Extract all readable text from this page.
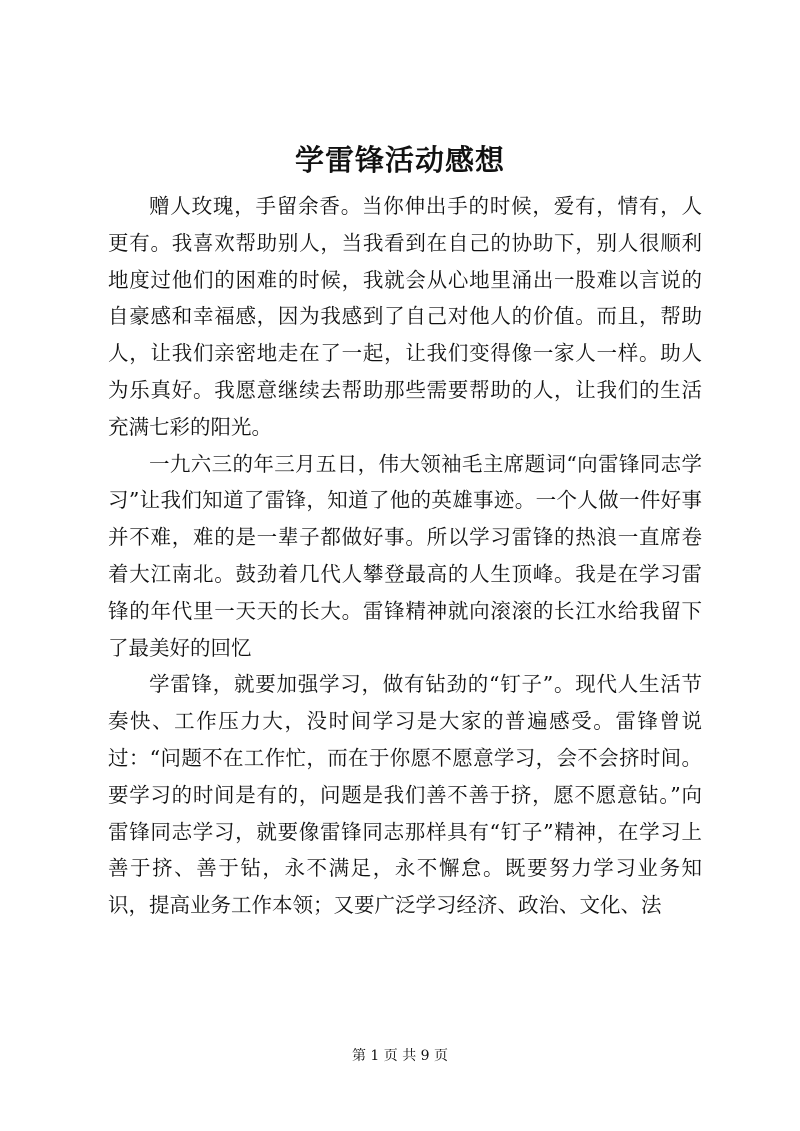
学雷锋活动感想

赠人玫瑰，手留余香。当你伸出手的时候，爱有，情有，人更有。我喜欢帮助别人，当我看到在自己的协助下，别人很顺利地度过他们的困难的时候，我就会从心地里涌出一股难以言说的自豪感和幸福感，因为我感到了自己对他人的价值。而且，帮助人，让我们亲密地走在了一起，让我们变得像一家人一样。助人为乐真好。我愿意继续去帮助那些需要帮助的人，让我们的生活充满七彩的阳光。

一九六三的年三月五日，伟大领袖毛主席题词“向雷锋同志学习”让我们知道了雷锋，知道了他的英雄事迹。一个人做一件好事并不难，难的是一辈子都做好事。所以学习雷锋的热浪一直席卷着大江南北。鼓劲着几代人攀登最高的人生顶峰。我是在学习雷锋的年代里一天天的长大。雷锋精神就向滚滚的长江水给我留下了最美好的回忆

学雷锋，就要加强学习，做有钻劲的“钉子”。现代人生活节奏快、工作压力大，没时间学习是大家的普遍感受。雷锋曾说过：“问题不在工作忙，而在于你愿不愿意学习，会不会挤时间。要学习的时间是有的，问题是我们善不善于挤，愿不愿意钻。”向雷锋同志学习，就要像雷锋同志那样具有“钉子”精神，在学习上善于挤、善于钻，永不满足，永不懈怠。既要努力学习业务知识，提高业务工作本领；又要广泛学习经济、政治、文化、法

第 1 页 共 9 页
